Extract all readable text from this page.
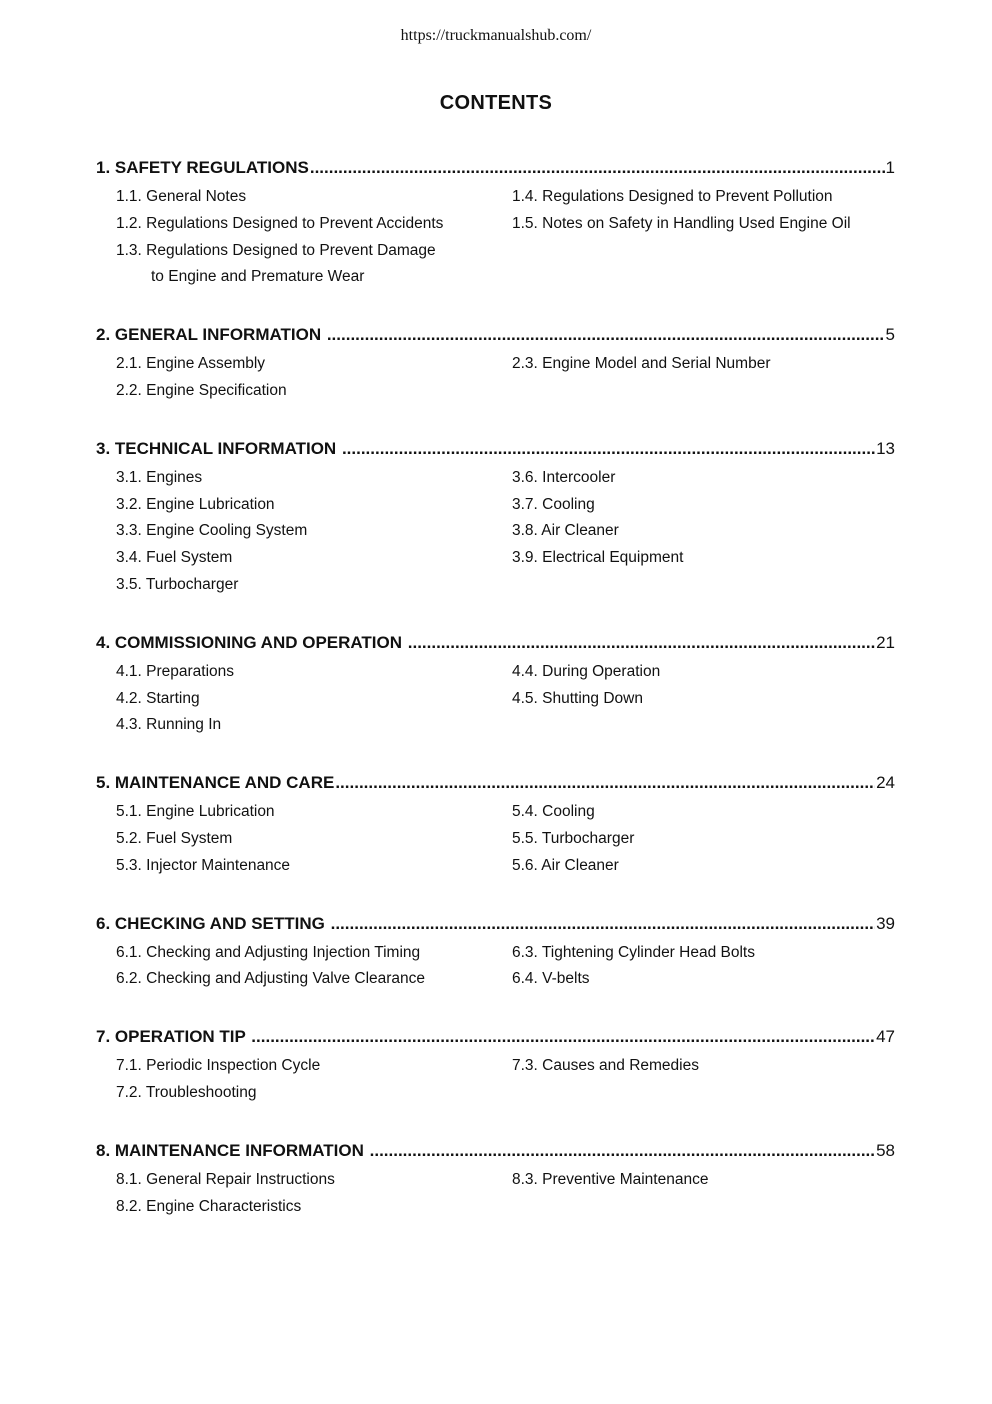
https://truckmanualshub.com/
CONTENTS
1. SAFETY REGULATIONS .....	1
1.1. General Notes
1.2. Regulations Designed to Prevent Accidents
1.3. Regulations Designed to Prevent Damage
to Engine and Premature Wear
1.4. Regulations Designed to Prevent Pollution
1.5. Notes on Safety in Handling Used Engine Oil
2. GENERAL INFORMATION .....	5
2.1. Engine Assembly
2.2. Engine Specification
2.3. Engine Model and Serial Number
3. TECHNICAL INFORMATION .....	13
3.1. Engines
3.2. Engine Lubrication
3.3. Engine Cooling System
3.4. Fuel System
3.5. Turbocharger
3.6. Intercooler
3.7. Cooling
3.8. Air Cleaner
3.9. Electrical Equipment
4. COMMISSIONING AND OPERATION .....	21
4.1. Preparations
4.2. Starting
4.3. Running In
4.4. During Operation
4.5. Shutting Down
5. MAINTENANCE AND CARE .....	24
5.1. Engine Lubrication
5.2. Fuel System
5.3. Injector Maintenance
5.4. Cooling
5.5. Turbocharger
5.6. Air Cleaner
6. CHECKING AND SETTING .....	39
6.1. Checking and Adjusting Injection Timing
6.2. Checking and Adjusting Valve Clearance
6.3. Tightening Cylinder Head Bolts
6.4. V-belts
7. OPERATION TIP .....	47
7.1. Periodic Inspection Cycle
7.2. Troubleshooting
7.3. Causes and Remedies
8. MAINTENANCE INFORMATION .....	58
8.1. General Repair Instructions
8.2. Engine Characteristics
8.3. Preventive Maintenance
